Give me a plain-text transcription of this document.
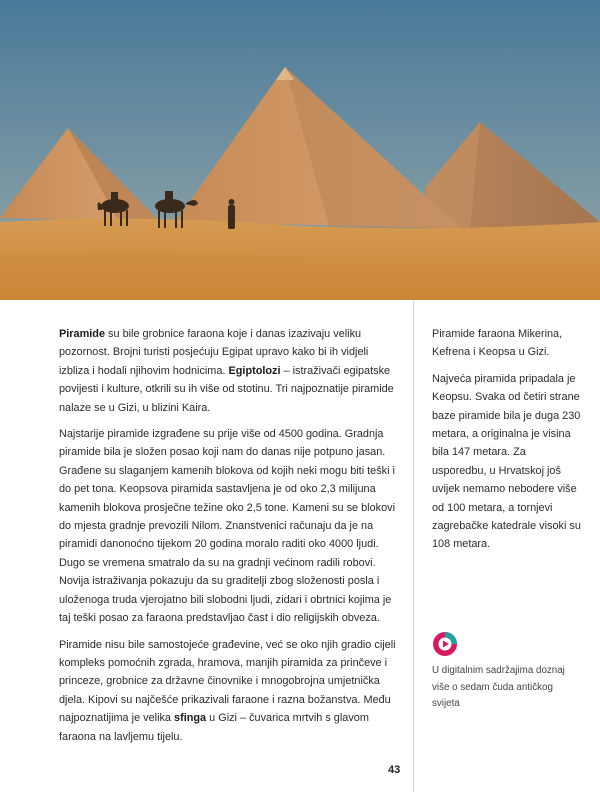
Piramide su bile grobnice faraona koje i danas izazivaju veliku pozornost. Brojni turisti posjećuju Egipat upravo kako bi ih vidjeli izbliza i hodali njihovim hodnicima. Egiptolozi – istraživači egipatske povijesti i kulture, otkrili su ih više od stotinu. Tri najpoznatije piramide nalaze se u Gizi, u blizini Kaira.

Najstarije piramide izgrađene su prije više od 4500 godina. Gradnja piramide bila je složen posao koji nam do danas nije potpuno jasan. Građene su slaganjem kamenih blokova od kojih neki mogu biti teški i do pet tona. Keopsova piramida sastavljena je od oko 2,3 milijuna kamenih blokova prosječne težine oko 2,5 tone. Kameni su se blokovi do mjesta gradnje prevozili Nilom. Znanstvenici računaju da je na piramidi danonoćno tijekom 20 godina moralo raditi oko 4000 ljudi. Dugo se vremena smatralo da su na gradnji većinom radili robovi. Novija istraživanja pokazuju da su graditelji zbog složenosti posla i uloženoga truda vjerojatno bili slobodni ljudi, zidari i obrtnici kojima je taj teški posao za faraona predstavljao čast i dio religijskih obveza.

Piramide nisu bile samostojeće građevine, već se oko njih gradio cijeli kompleks pomoćnih zgrada, hramova, manjih piramida za prinčeve i princeze, grobnice za državne činovnike i mnogobrojna umjetnička djela. Kipovi su najčešće prikazivali faraone i razna božanstva. Među najpoznatijima je velika sfinga u Gizi – čuvarica mrtvih s glavom faraona na lavljemu tijelu.

Piramide faraona Mikerina, Kefrena i Keopsa u Gizi.

Najveća piramida pripadala je Keopsu. Svaka od četiri strane baze piramide bila je duga 230 metara, a originalna je visina bila 147 metara. Za usporedbu, u Hrvatskoj još uvijek nemamo nebodere više od 100 metara, a tornjevi zagrebačke katedrale visoki su 108 metara.

U digitalnim sadržajima doznaj više o sedam čuda antičkog svijeta
43
